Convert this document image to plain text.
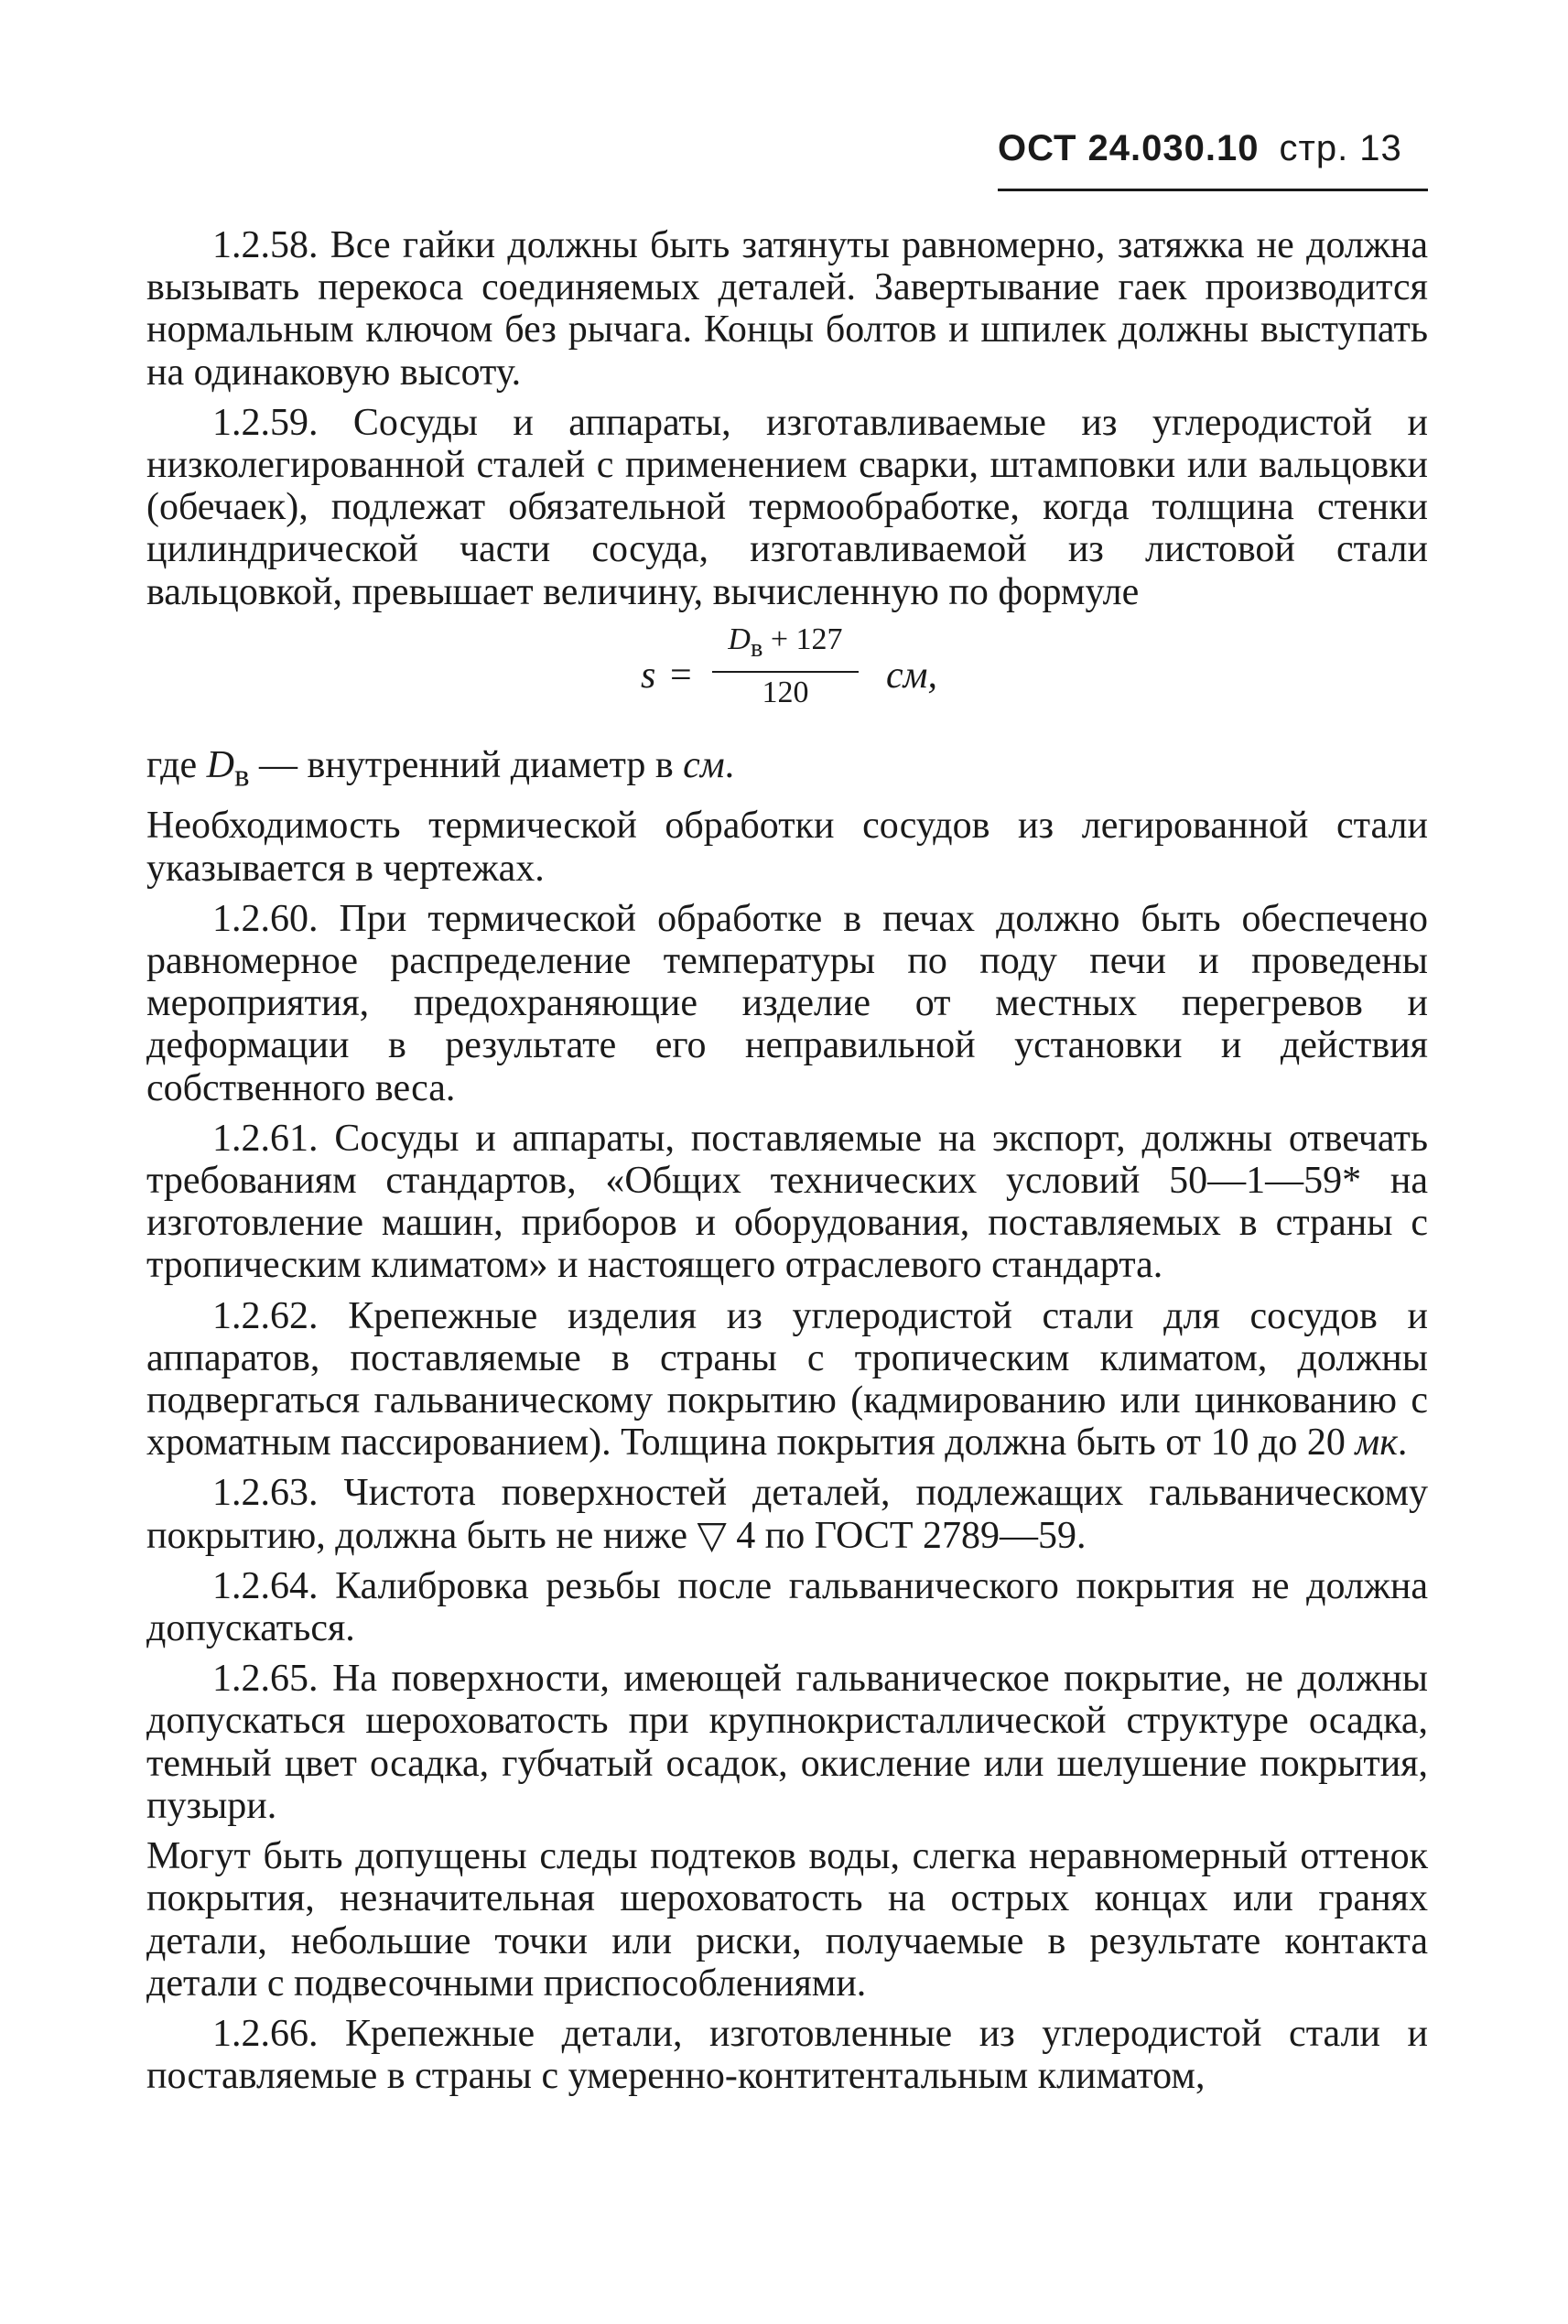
ОСТ 24.030.10 стр. 13

1.2.58. Все гайки должны быть затянуты равномерно, затяжка не должна вызывать перекоса соединяемых деталей. Завертывание гаек производится нормальным ключом без рычага. Концы болтов и шпилек должны выступать на одинаковую высоту.

1.2.59. Сосуды и аппараты, изготавливаемые из углеродистой и низколегированной сталей с применением сварки, штамповки или вальцовки (обечаек), подлежат обязательной термообработке, когда толщина стенки цилиндрической части сосуда, изготавливаемой из листовой стали вальцовкой, превышает величину, вычисленную по формуле

s =
$D_в + 127$
120	см,

где $D_в$ — внутренний диаметр в см.

Необходимость термической обработки сосудов из легированной стали указывается в чертежах.

1.2.60. При термической обработке в печах должно быть обеспечено равномерное распределение температуры по поду печи и проведены мероприятия, предохраняющие изделие от местных перегревов и деформации в результате его неправильной установки и действия собственного веса.

1.2.61. Сосуды и аппараты, поставляемые на экспорт, должны отвечать требованиям стандартов, «Общих технических условий 50—1—59* на изготовление машин, приборов и оборудования, поставляемых в страны с тропическим климатом» и настоящего отраслевого стандарта.

1.2.62. Крепежные изделия из углеродистой стали для сосудов и аппаратов, поставляемые в страны с тропическим климатом, должны подвергаться гальваническому покрытию (кадмированию или цинкованию с хроматным пассированием). Толщина покрытия должна быть от 10 до 20 мк.

1.2.63. Чистота поверхностей деталей, подлежащих гальваническому покрытию, должна быть не ниже ▽ 4 по ГОСТ 2789—59.

1.2.64. Калибровка резьбы после гальванического покрытия не должна допускаться.

1.2.65. На поверхности, имеющей гальваническое покрытие, не должны допускаться шероховатость при крупнокристаллической структуре осадка, темный цвет осадка, губчатый осадок, окисление или шелушение покрытия, пузыри.

Могут быть допущены следы подтеков воды, слегка неравномерный оттенок покрытия, незначительная шероховатость на острых концах или гранях детали, небольшие точки или риски, получаемые в результате контакта детали с подвесочными приспособлениями.

1.2.66. Крепежные детали, изготовленные из углеродистой стали и поставляемые в страны с умеренно-контитентальным климатом,
